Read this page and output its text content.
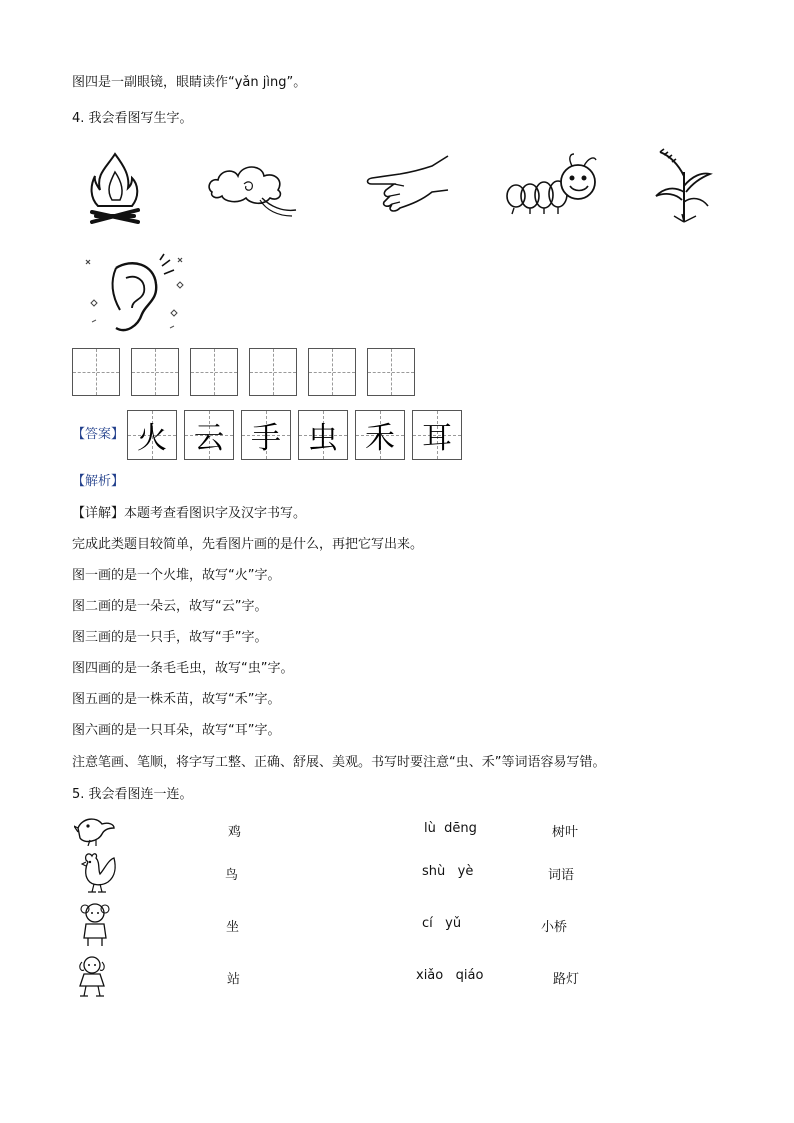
图四是一副眼镜，眼睛读作“yǎn jìng”。
4. 我会看图写生字。
【答案】 火 云 手 虫 禾 耳
【解析】
【详解】本题考查看图识字及汉字书写。
完成此类题目较简单，先看图片画的是什么，再把它写出来。
图一画的是一个火堆，故写“火”字。
图二画的是一朵云，故写“云”字。
图三画的是一只手，故写“手”字。
图四画的是一条毛毛虫，故写“虫”字。
图五画的是一株禾苗，故写“禾”字。
图六画的是一只耳朵，故写“耳”字。
注意笔画、笔顺，将字写工整、正确、舒展、美观。书写时要注意“虫、禾”等词语容易写错。
5. 我会看图连一连。
鸡
鸟
坐
站
lù  dēng
shù   yè
cí   yǔ
xiǎo   qiáo
树叶
词语
小桥
路灯
